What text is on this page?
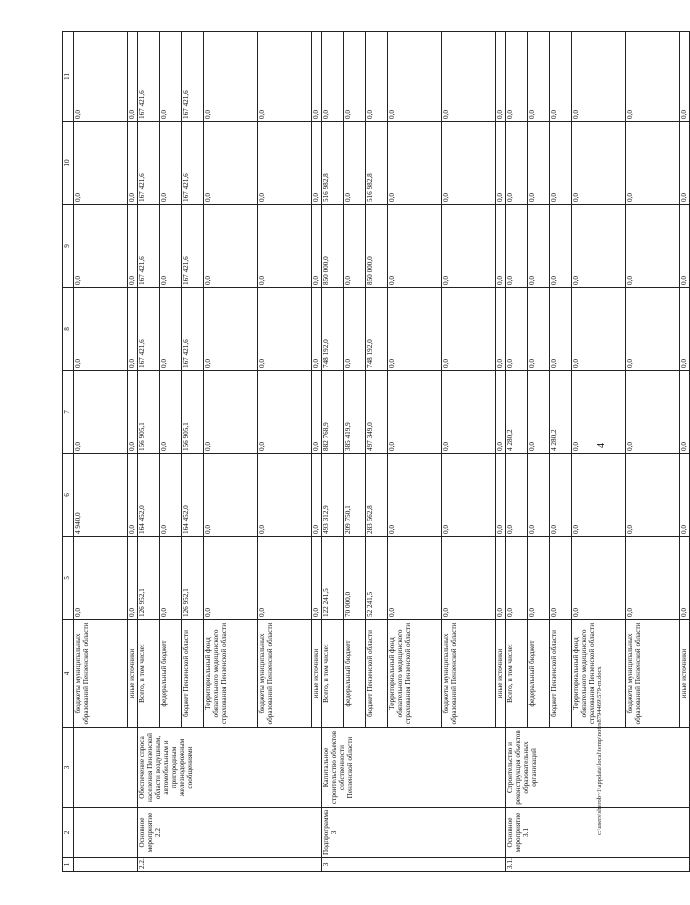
4
1	2	3	4	5	6	7	8	9	10	11
			бюджеты муниципальных образований Пензенской области	0,0	4 940,0	0,0	0,0	0,0	0,0	0,0
			иные источники	0,0	0,0	0,0	0,0	0,0	0,0	0,0
2.2.	Основное мероприятие 2.2	Обеспечение спроса населения Пензенской области воздушным, автомобильным и пригородным железнодорожным сообщениями	Всего, в том числе:	126 952,1	164 452,0	156 905,1	167 421,6	167 421,6	167 421,6	167 421,6
			федеральный бюджет	0,0	0,0	0,0	0,0	0,0	0,0	0,0
			бюджет Пензенской области	126 952,1	164 452,0	156 905,1	167 421,6	167 421,6	167 421,6	167 421,6
			Территориальный фонд обязательного медицинского страхования Пензенской области	0,0	0,0	0,0	0,0	0,0	0,0	0,0
			бюджеты муниципальных образований Пензенской области	0,0	0,0	0,0	0,0	0,0	0,0	0,0
			иные источники	0,0	0,0	0,0	0,0	0,0	0,0	0,0
3	Подпрограмма 3	Капитальное строительство объектов собственности Пензенской области	Всего, в том числе:	122 241,5	493 312,9	882 768,9	748 192,0	850 000,0	516 982,8	0,0
			федеральный бюджет	70 000,0	209 750,1	385 419,9	0,0	0,0	0,0	0,0
			бюджет Пензенской области	52 241,5	283 562,8	497 349,0	748 192,0	850 000,0	516 982,8	0,0
			Территориальный фонд обязательного медицинского страхования Пензенской области	0,0	0,0	0,0	0,0	0,0	0,0	0,0
			бюджеты муниципальных образований Пензенской области	0,0	0,0	0,0	0,0	0,0	0,0	0,0
			иные источники	0,0	0,0	0,0	0,0	0,0	0,0	0,0
3.1.	Основное мероприятие 3.1	Строительство и реконструкция объектов образовательных организаций	Всего, в том числе:	0,0	0,0	4 280,2	0,0	0,0	0,0	0,0
			федеральный бюджет	0,0	0,0	0,0	0,0	0,0	0,0	0,0
			бюджет Пензенской области	0,0	0,0	4 280,2	0,0	0,0	0,0	0,0
			Территориальный фонд обязательного медицинского страхования Пензенской области	0,0	0,0	0,0	0,0	0,0	0,0	0,0
			бюджеты муниципальных образований Пензенской области	0,0	0,0	0,0	0,0	0,0	0,0	0,0
			иные источники	0,0	0,0	0,0	0,0	0,0	0,0	0,0
c:\users\sherob~1\appdata\local\temp\notes8794469\579-rn.docx
